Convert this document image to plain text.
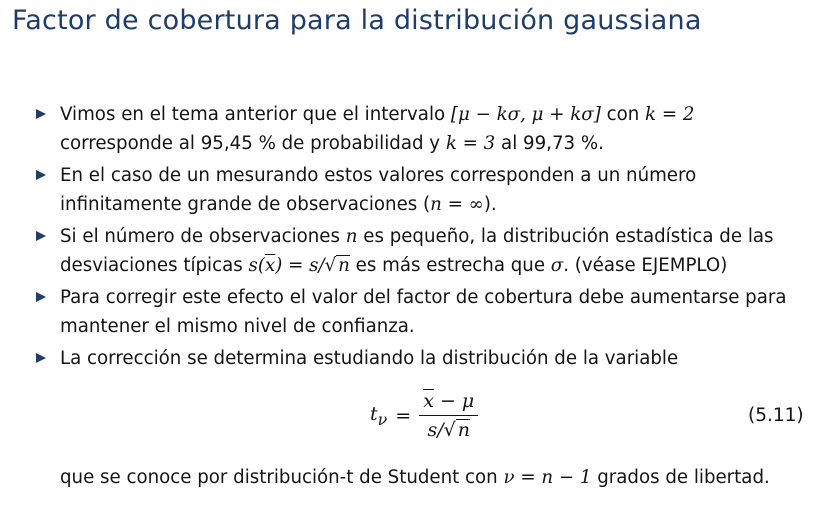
Factor de cobertura para la distribución gaussiana
Vimos en el tema anterior que el intervalo [μ − kσ, μ + kσ] con k = 2
corresponde al 95,45 % de probabilidad y k = 3 al 99,73 %.
En el caso de un mesurando estos valores corresponden a un número infinitamente grande de observaciones (n = ∞).
Si el número de observaciones n es pequeño, la distribución estadística de las desviaciones típicas $s(\overline{x}) = s/√$ n es más estrecha que σ. (véase EJEMPLO)
Para corregir este efecto el valor del factor de cobertura debe aumentarse para mantener el mismo nivel de confianza.
La corrección se determina estudiando la distribución de la variable
$t_\nu = \frac{\overline{x} - \mu}{s/√ n}$	(5.11)
que se conoce por distribución-t de Student con ν = n − 1 grados de libertad.
